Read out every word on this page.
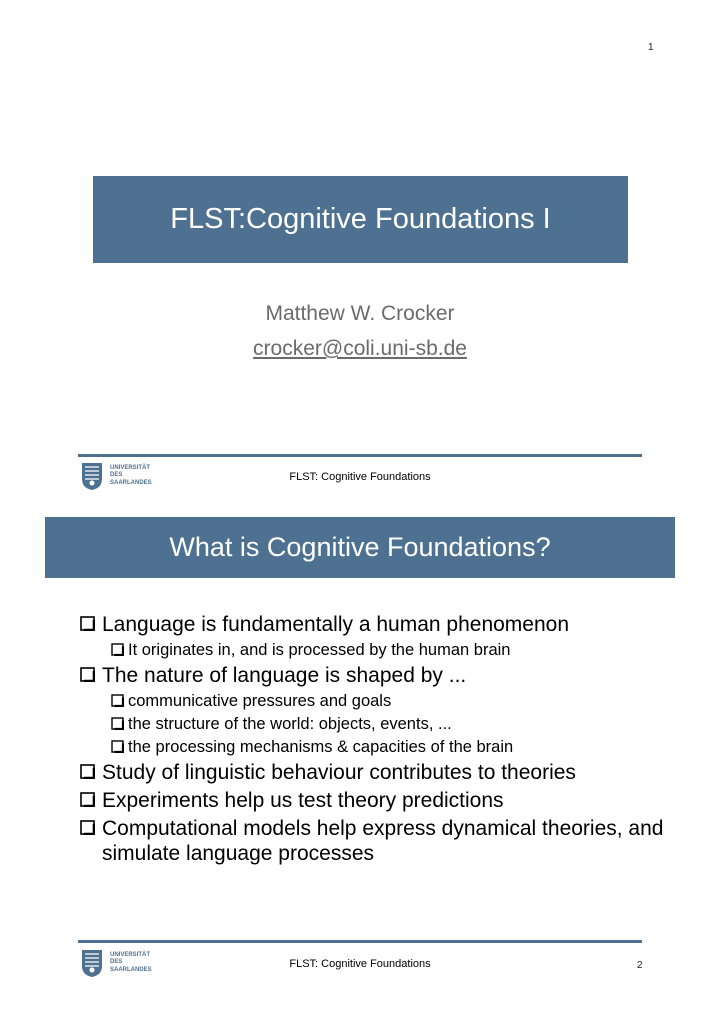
1
FLST:Cognitive Foundations I
Matthew W. Crocker
crocker@coli.uni-sb.de
UNIVERSITÄT
DES
SAARLANDES	FLST: Cognitive Foundations
What is Cognitive Foundations?
Language is fundamentally a human phenomenon
It originates in, and is processed by the human brain
The nature of language is shaped by ...
communicative pressures and goals
the structure of the world: objects, events, ...
the processing mechanisms & capacities of the brain
Study of linguistic behaviour contributes to theories
Experiments help us test theory predictions
Computational models help express dynamical theories, and simulate language processes
UNIVERSITÄT
DES
SAARLANDES	FLST: Cognitive Foundations	2
